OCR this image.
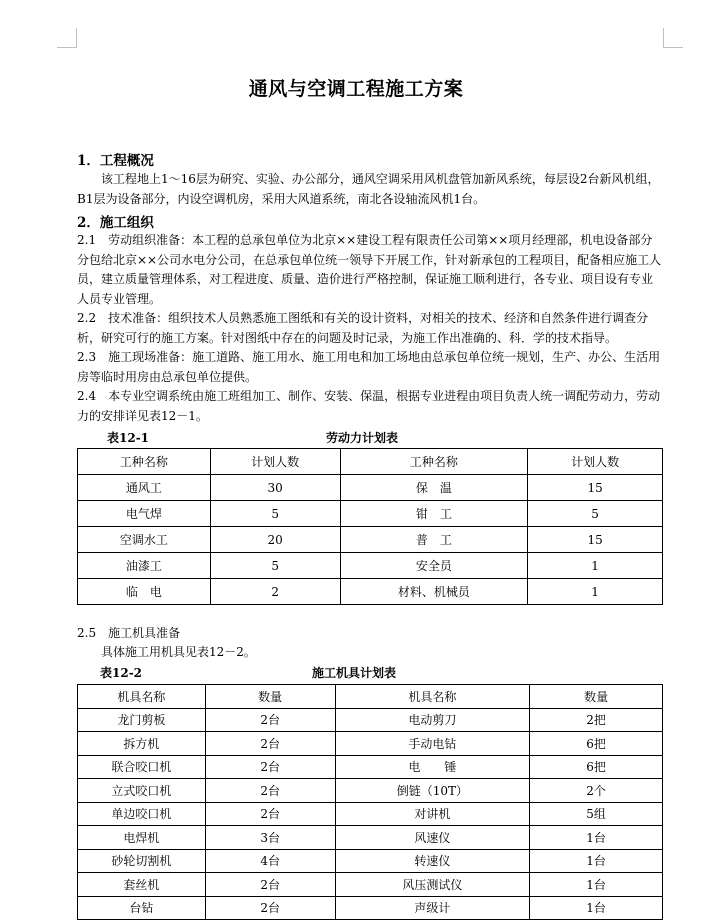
通风与空调工程施工方案
1．工程概况

该工程地上1～16层为研究、实验、办公部分，通风空调采用风机盘管加新风系统，每层设2台新风机组，B1层为设备部分，内设空调机房，采用大风道系统，南北各设轴流风机1台。

2．施工组织

2.1　劳动组织准备：本工程的总承包单位为北京××建设工程有限责任公司第××项月经理部，机电设备部分分包给北京××公司水电分公司，在总承包单位统一领导下开展工作，针对新承包的工程项目，配备相应施工人员，建立质量管理体系，对工程进度、质量、造价进行严格控制，保证施工顺利进行，各专业、项目设有专业人员专业管理。

2.2　技术准备：组织技术人员熟悉施工图纸和有关的设计资料，对相关的技术、经济和自然条件进行调查分析，研究可行的施工方案。针对图纸中存在的问题及时记录，为施工作出准确的、科．学的技术指导。

2.3　施工现场准备：施工道路、施工用水、施工用电和加工场地由总承包单位统一规划，生产、办公、生活用房等临时用房由总承包单位提供。

2.4　本专业空调系统由施工班组加工、制作、安装、保温，根据专业进程由项目负责人统一调配劳动力，劳动力的安排详见表12－1。

表12-1	劳动力计划表
工种名称	计划人数	工种名称	计划人数
通风工	30	保　温	15
电气焊	5	钳　工	5
空调水工	20	普　工	15
油漆工	5	安全员	1
临　电	2	材料、机械员	1
2.5　施工机具准备
具体施工用机具见表12－2。
表12-2	施工机具计划表
机具名称	数量	机具名称	数量
龙门剪板	2台	电动剪刀	2把
拆方机	2台	手动电钻	6把
联合咬口机	2台	电　　锤	6把
立式咬口机	2台	倒链（10T）	2个
单边咬口机	2台	对讲机	5组
电焊机	3台	风速仪	1台
砂轮切割机	4台	转速仪	1台
套丝机	2台	风压测试仪	1台
台钻	2台	声级计	1台
